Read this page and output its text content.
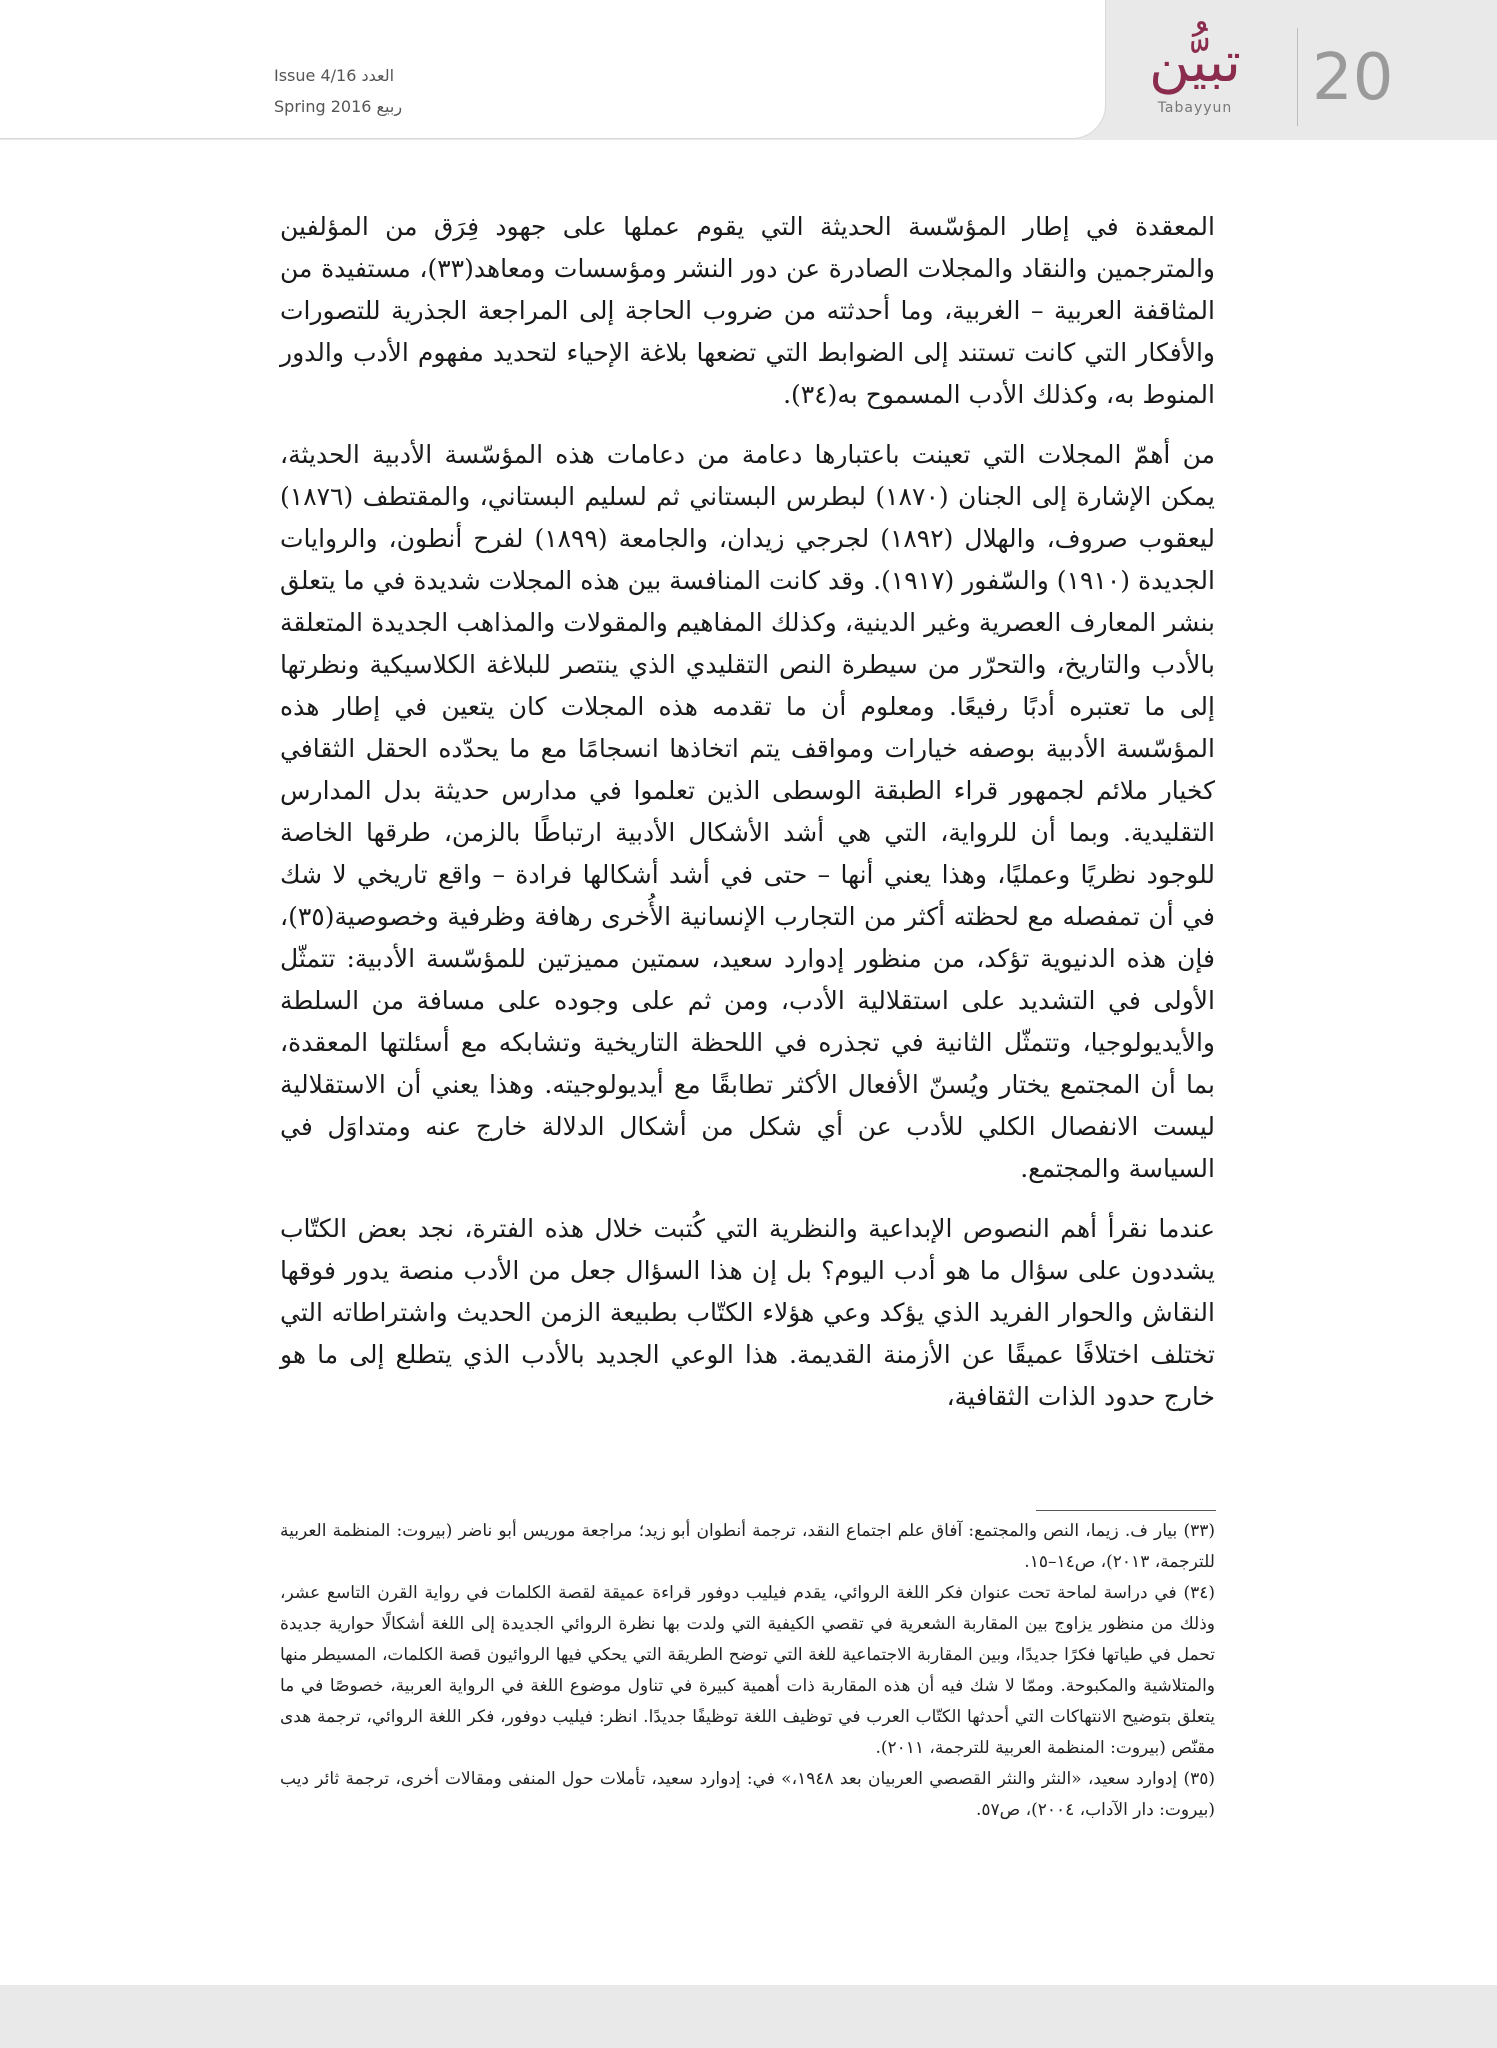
Issue 4/16 العدد
Spring 2016 ربيع
تبيُّن
Tabayyun	20

المعقدة في إطار المؤسّسة الحديثة التي يقوم عملها على جهود فِرَق من المؤلفين والمترجمين والنقاد والمجلات الصادرة عن دور النشر ومؤسسات ومعاهد(٣٣)، مستفيدة من المثاقفة العربية – الغربية، وما أحدثته من ضروب الحاجة إلى المراجعة الجذرية للتصورات والأفكار التي كانت تستند إلى الضوابط التي تضعها بلاغة الإحياء لتحديد مفهوم الأدب والدور المنوط به، وكذلك الأدب المسموح به(٣٤).

من أهمّ المجلات التي تعينت باعتبارها دعامة من دعامات هذه المؤسّسة الأدبية الحديثة، يمكن الإشارة إلى الجنان (١٨٧٠) لبطرس البستاني ثم لسليم البستاني، والمقتطف (١٨٧٦) ليعقوب صروف، والهلال (١٨٩٢) لجرجي زيدان، والجامعة (١٨٩٩) لفرح أنطون، والروايات الجديدة (١٩١٠) والسّفور (١٩١٧). وقد كانت المنافسة بين هذه المجلات شديدة في ما يتعلق بنشر المعارف العصرية وغير الدينية، وكذلك المفاهيم والمقولات والمذاهب الجديدة المتعلقة بالأدب والتاريخ، والتحرّر من سيطرة النص التقليدي الذي ينتصر للبلاغة الكلاسيكية ونظرتها إلى ما تعتبره أدبًا رفيعًا. ومعلوم أن ما تقدمه هذه المجلات كان يتعين في إطار هذه المؤسّسة الأدبية بوصفه خيارات ومواقف يتم اتخاذها انسجامًا مع ما يحدّده الحقل الثقافي كخيار ملائم لجمهور قراء الطبقة الوسطى الذين تعلموا في مدارس حديثة بدل المدارس التقليدية. وبما أن للرواية، التي هي أشد الأشكال الأدبية ارتباطًا بالزمن، طرقها الخاصة للوجود نظريًا وعمليًا، وهذا يعني أنها – حتى في أشد أشكالها فرادة – واقع تاريخي لا شك في أن تمفصله مع لحظته أكثر من التجارب الإنسانية الأُخرى رهافة وظرفية وخصوصية(٣٥)، فإن هذه الدنيوية تؤكد، من منظور إدوارد سعيد، سمتين مميزتين للمؤسّسة الأدبية: تتمثّل الأولى في التشديد على استقلالية الأدب، ومن ثم على وجوده على مسافة من السلطة والأيديولوجيا، وتتمثّل الثانية في تجذره في اللحظة التاريخية وتشابكه مع أسئلتها المعقدة، بما أن المجتمع يختار ويُسنّ الأفعال الأكثر تطابقًا مع أيديولوجيته. وهذا يعني أن الاستقلالية ليست الانفصال الكلي للأدب عن أي شكل من أشكال الدلالة خارج عنه ومتداوَل في السياسة والمجتمع.

عندما نقرأ أهم النصوص الإبداعية والنظرية التي كُتبت خلال هذه الفترة، نجد بعض الكتّاب يشددون على سؤال ما هو أدب اليوم؟ بل إن هذا السؤال جعل من الأدب منصة يدور فوقها النقاش والحوار الفريد الذي يؤكد وعي هؤلاء الكتّاب بطبيعة الزمن الحديث واشتراطاته التي تختلف اختلافًا عميقًا عن الأزمنة القديمة. هذا الوعي الجديد بالأدب الذي يتطلع إلى ما هو خارج حدود الذات الثقافية،

(٣٣) بيار ف. زيما، النص والمجتمع: آفاق علم اجتماع النقد، ترجمة أنطوان أبو زيد؛ مراجعة موريس أبو ناضر (بيروت: المنظمة العربية للترجمة، ٢٠١٣)، ص١٤–١٥.

(٣٤) في دراسة لماحة تحت عنوان فكر اللغة الروائي، يقدم فيليب دوفور قراءة عميقة لقصة الكلمات في رواية القرن التاسع عشر، وذلك من منظور يزاوج بين المقاربة الشعرية في تقصي الكيفية التي ولدت بها نظرة الروائي الجديدة إلى اللغة أشكالًا حوارية جديدة تحمل في طياتها فكرًا جديدًا، وبين المقاربة الاجتماعية للغة التي توضح الطريقة التي يحكي فيها الروائيون قصة الكلمات، المسيطر منها والمتلاشية والمكبوحة. وممّا لا شك فيه أن هذه المقاربة ذات أهمية كبيرة في تناول موضوع اللغة في الرواية العربية، خصوصًا في ما يتعلق بتوضيح الانتهاكات التي أحدثها الكتّاب العرب في توظيف اللغة توظيفًا جديدًا. انظر: فيليب دوفور، فكر اللغة الروائي، ترجمة هدى مقنّص (بيروت: المنظمة العربية للترجمة، ٢٠١١).

(٣٥) إدوارد سعيد، «النثر والنثر القصصي العربيان بعد ١٩٤٨،» في: إدوارد سعيد، تأملات حول المنفى ومقالات أخرى، ترجمة ثائر ديب (بيروت: دار الآداب، ٢٠٠٤)، ص٥٧.
